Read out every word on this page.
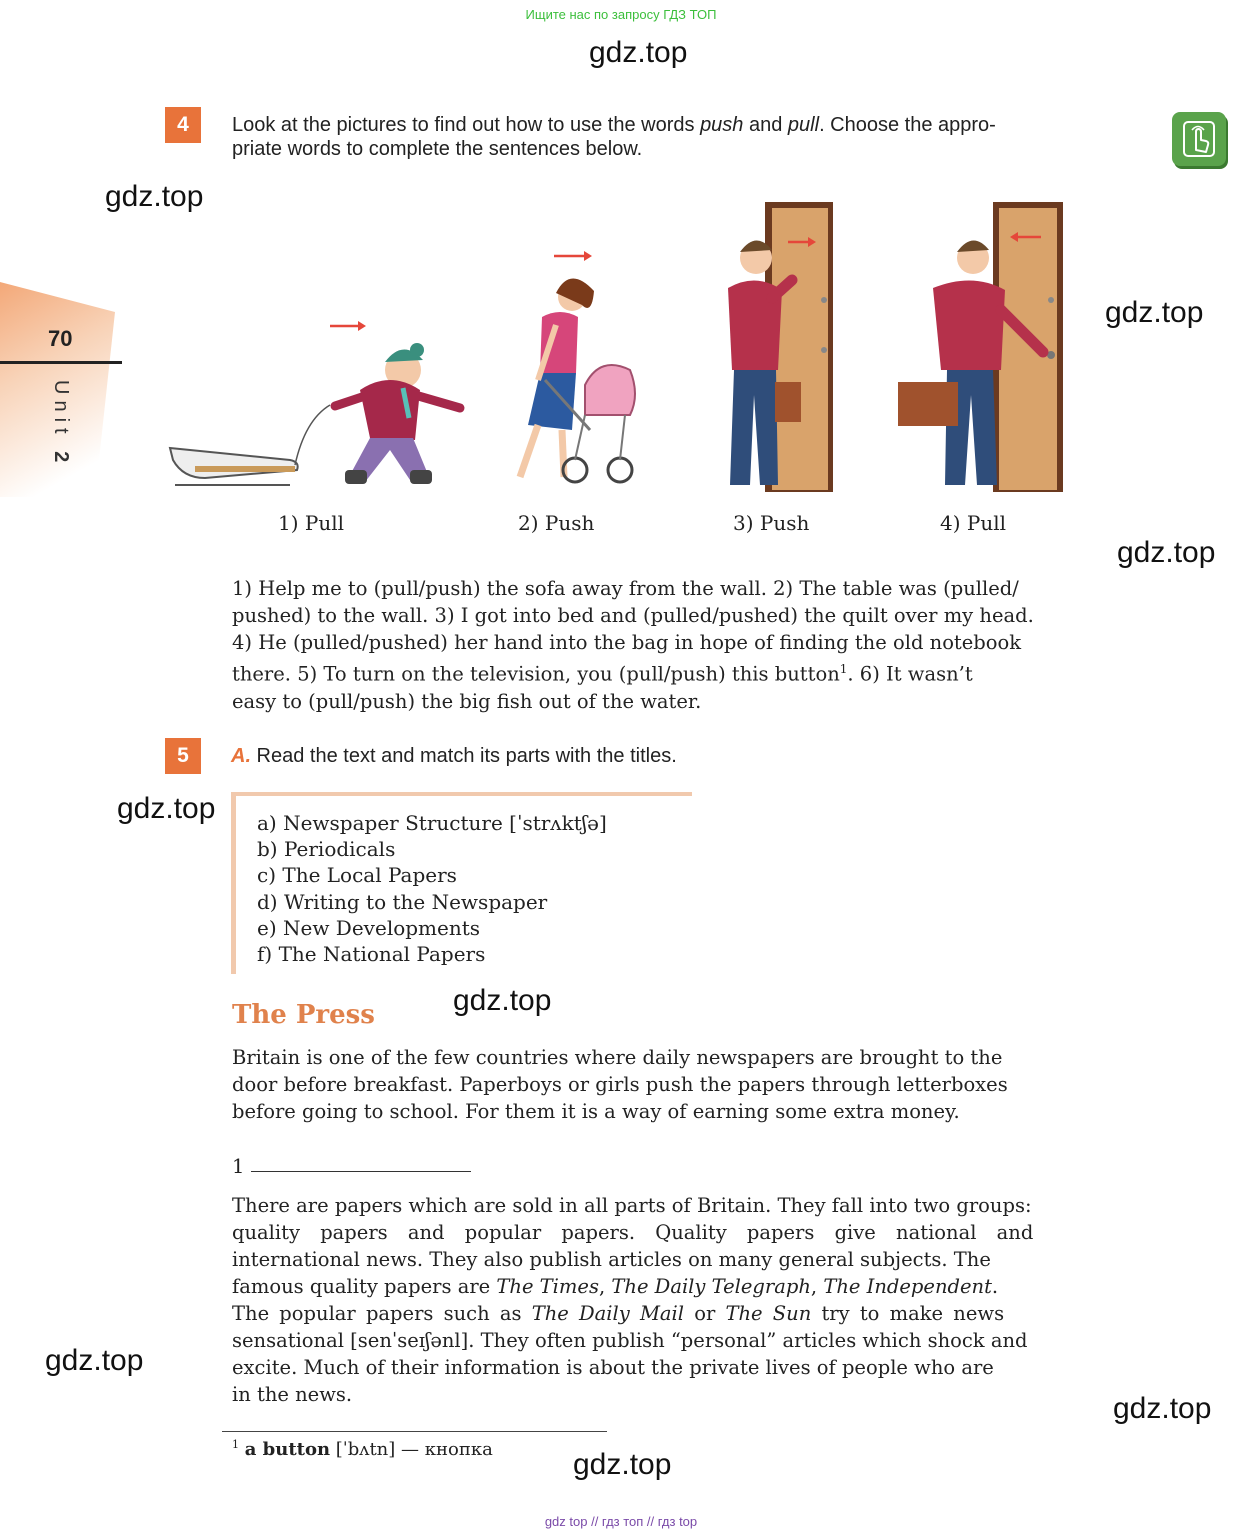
Ищите нас по запросу ГДЗ ТОП
gdz.top
gdz.top
gdz.top
gdz.top
gdz.top
gdz.top
gdz.top
gdz.top
gdz.top
70
Unit 2
4	Look at the pictures to find out how to use the words push and pull. Choose the appro-
priate words to complete the sentences below.
1) Pull	2) Push	3) Push	4) Pull
1) Help me to (pull/push) the sofa away from the wall. 2) The table was (pulled/
pushed) to the wall. 3) I got into bed and (pulled/pushed) the quilt over my head.
4) He (pulled/pushed) her hand into the bag in hope of finding the old notebook
there. 5) To turn on the television, you (pull/push) this button$^1$. 6) It wasn’t
easy to (pull/push) the big fish out of the water.
5	A. Read the text and match its parts with the titles.
a) Newspaper Structure [ˈstrʌktʃə]
b) Periodicals
c) The Local Papers
d) Writing to the Newspaper
e) New Developments
f) The National Papers
The Press
Britain is one of the few countries where daily newspapers are brought to the
door before breakfast. Paperboys or girls push the papers through letterboxes
before going to school. For them it is a way of earning some extra money.
1
There are papers which are sold in all parts of Britain. They fall into two groups:
quality papers and popular papers. Quality papers give national and
international news. They also publish articles on many general subjects. The
famous quality papers are The Times, The Daily Telegraph, The Independent.
The popular papers such as The Daily Mail or The Sun try to make news
sensational [senˈseɪʃənl]. They often publish “personal” articles which shock and
excite. Much of their information is about the private lives of people who are
in the news.
$^1$ a button [ˈbʌtn] — кнопка
gdz top // гдз топ // гдз top
